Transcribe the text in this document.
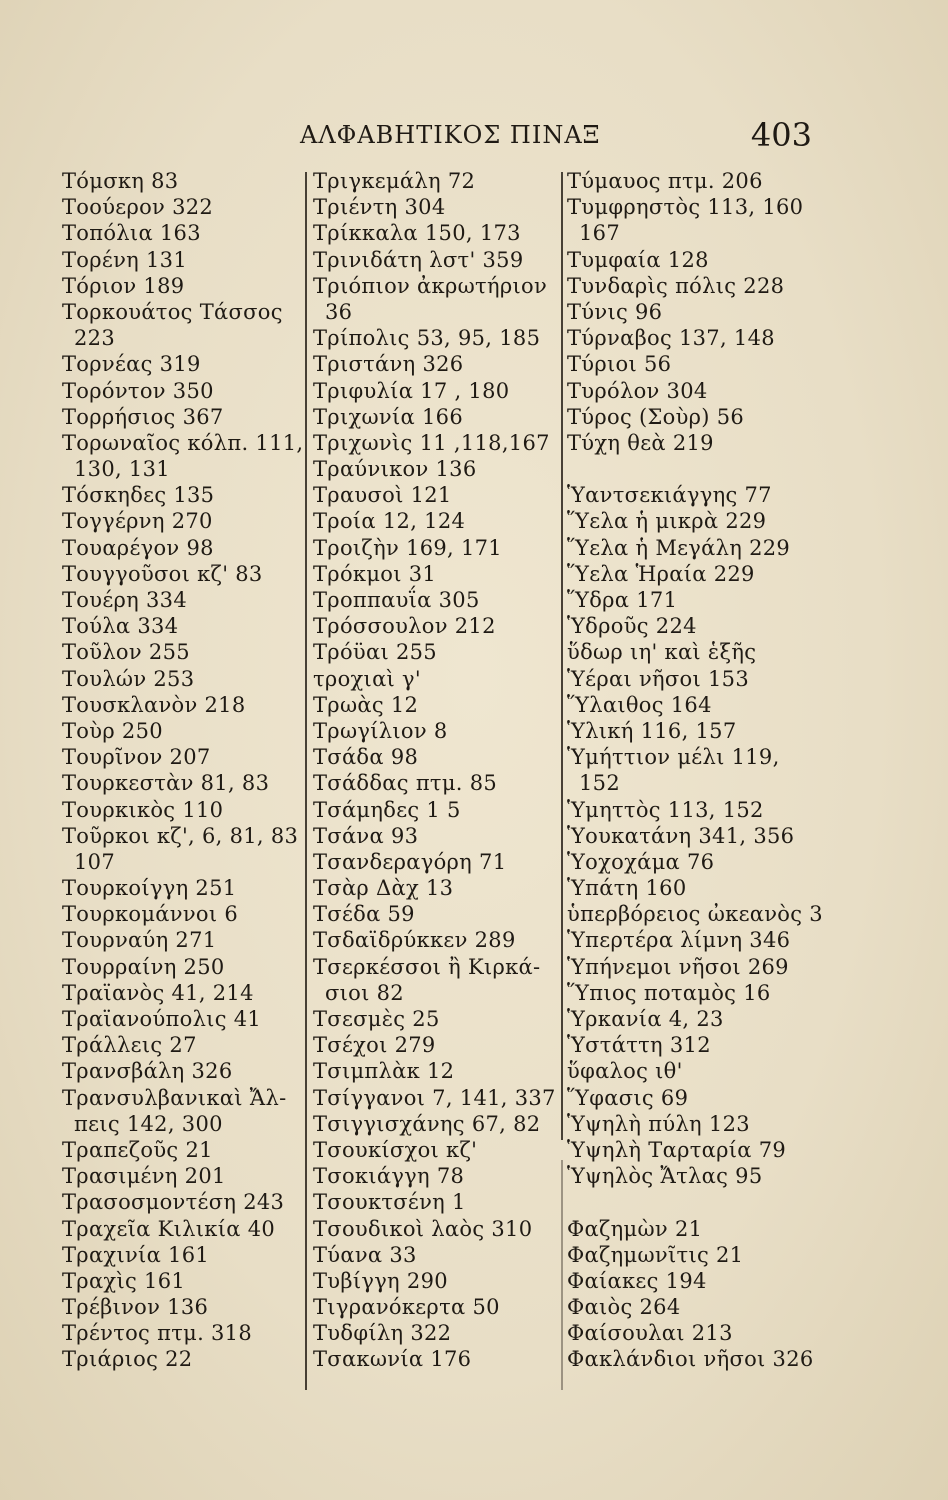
ΑΛΦΑΒΗΤΙΚΟΣ ΠΙΝΑΞ	403
Τόμσκη 83
Τοούερον 322
Τοπόλια 163
Τορένη 131
Τόριον 189
Τορκουάτος Τάσσος
223
Τορνέας 319
Τορόντον 350
Τορρήσιος 367
Τορωναῖος κόλπ. 111,
130, 131
Τόσκηδες 135
Τογγέρνη 270
Τουαρέγον 98
Τουγγοῦσοι κζ' 83
Τουέρη 334
Τούλα 334
Τοῦλον 255
Τουλών 253
Τουσκλανὸν 218
Τοὺρ 250
Τουρῖνον 207
Τουρκεστὰν 81, 83
Τουρκικὸς 110
Τοῦρκοι κζ', 6, 81, 83
107
Τουρκοίγγη 251
Τουρκομάννοι 6
Τουρναύη 271
Τουρραίνη 250
Τραϊανὸς 41, 214
Τραϊανούπολις 41
Τράλλεις 27
Τρανσβάλη 326
Τρανσυλβανικαὶ Ἄλ-
πεις 142, 300
Τραπεζοῦς 21
Τρασιμένη 201
Τρασοσμοντέση 243
Τραχεῖα Κιλικία 40
Τραχινία 161
Τραχὶς 161
Τρέβινον 136
Τρέντος πτμ. 318
Τριάριος 22
Τριγκεμάλη 72
Τριέντη 304
Τρίκκαλα 150, 173
Τρινιδάτη λστ' 359
Τριόπιον ἀκρωτήριον
36
Τρίπολις 53, 95, 185
Τριστάνη 326
Τριφυλία 17 , 180
Τριχωνία 166
Τριχωνὶς 11 ,118,167
Τραύνικον 136
Τραυσοὶ 121
Τροία 12, 124
Τροιζὴν 169, 171
Τρόκμοι 31
Τροππαυΐα 305
Τρόσσουλον 212
Τρόϋαι 255
τροχιαὶ γ'
Τρωὰς 12
Τρωγίλιον 8
Τσάδα 98
Τσάδδας πτμ. 85
Τσάμηδες 1 5
Τσάνα 93
Τσανδεραγόρη 71
Τσὰρ Δὰχ 13
Τσέδα 59
Τσδαϊδρύκκεν 289
Τσερκέσσοι ἢ Κιρκά-
σιοι 82
Τσεσμὲς 25
Τσέχοι 279
Τσιμπλὰκ 12
Τσίγγανοι 7, 141, 337
Τσιγγισχάνης 67, 82
Τσουκίσχοι κζ'
Τσοκιάγγη 78
Τσουκτσένη 1
Τσουδικοὶ λαὸς 310
Τύανα 33
Τυβίγγη 290
Τιγρανόκερτα 50
Τυδφίλη 322
Τσακωνία 176
Τύμαυος πτμ. 206
Τυμφρηστὸς 113, 160
167
Τυμφαία 128
Τυνδαρὶς πόλις 228
Τύνις 96
Τύρναβος 137, 148
Τύριοι 56
Τυρόλον 304
Τύρος (Σοὺρ) 56
Τύχη θεὰ 219
Ὑαντσεκιάγγης 77
Ὕελα ἡ μικρὰ 229
Ὕελα ἡ Μεγάλη 229
Ὕελα Ἡραία 229
Ὕδρα 171
Ὑδροῦς 224
ὕδωρ ιη' καὶ ἑξῆς
Ὑέραι νῆσοι 153
Ὕλαιθος 164
Ὑλική 116, 157
Ὑμήττιον μέλι 119,
152
Ὑμηττὸς 113, 152
Ὑουκατάνη 341, 356
Ὑοχοχάμα 76
Ὑπάτη 160
ὑπερβόρειος ὠκεανὸς 3
Ὑπερτέρα λίμνη 346
Ὑπήνεμοι νῆσοι 269
Ὕπιος ποταμὸς 16
Ὑρκανία 4, 23
Ὑστάττη 312
ὕφαλος ιθ'
Ὕφασις 69
Ὑψηλὴ πύλη 123
Ὑψηλὴ Ταρταρία 79
Ὑψηλὸς Ἄτλας 95
Φαζημὼν 21
Φαζημωνῖτις 21
Φαίακες 194
Φαιὸς 264
Φαίσουλαι 213
Φακλάνδιοι νῆσοι 326
